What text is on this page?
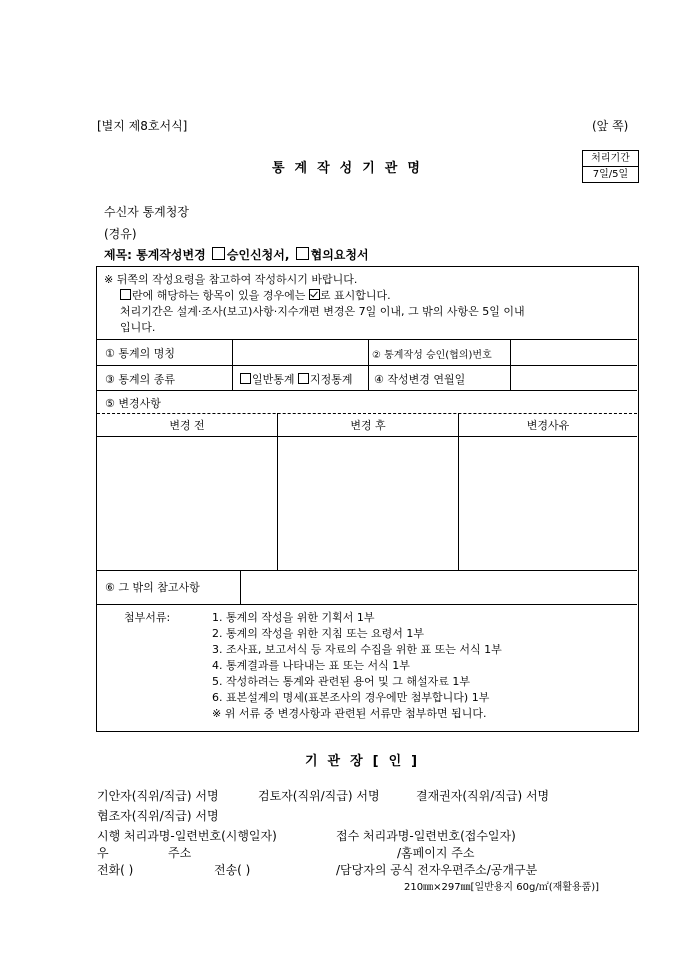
[별지 제8호서식]	(앞 쪽)
통계작성기관명
처리기간
7일/5일
수신자 통계청장
(경유)
제목: 통계작성변경 승인신청서, 협의요청서
※ 뒤쪽의 작성요령을 참고하여 작성하시기 바랍니다.
란에 해당하는 항목이 있을 경우에는 로 표시합니다.
처리기간은 설계·조사(보고)사항·지수개편 변경은 7일 이내, 그 밖의 사항은 5일 이내
입니다.
① 통계의 명칭	② 통계작성 승인(협의)번호
③ 통계의 종류	일반통계 지정통계 ④ 작성변경 연월일
⑤ 변경사항
변경 전	변경 후	변경사유
⑥ 그 밖의 참고사항
첨부서류:	1. 통계의 작성을 위한 기획서 1부
2. 통계의 작성을 위한 지침 또는 요령서 1부
3. 조사표, 보고서식 등 자료의 수집을 위한 표 또는 서식 1부
4. 통계결과를 나타내는 표 또는 서식 1부
5. 작성하려는 통계와 관련된 용어 및 그 해설자료 1부
6. 표본설계의 명세(표본조사의 경우에만 첨부합니다) 1부
※ 위 서류 중 변경사항과 관련된 서류만 첨부하면 됩니다.
기관장[인]
기안자(직위/직급) 서명	검토자(직위/직급) 서명	결재권자(직위/직급) 서명
협조자(직위/직급) 서명
시행 처리과명-일련번호(시행일자)	접수 처리과명-일련번호(접수일자)
우	주소	/홈페이지 주소
전화( )	전송( )	/담당자의 공식 전자우편주소/공개구분
210㎜×297㎜[일반용지 60g/㎡(재활용품)]
